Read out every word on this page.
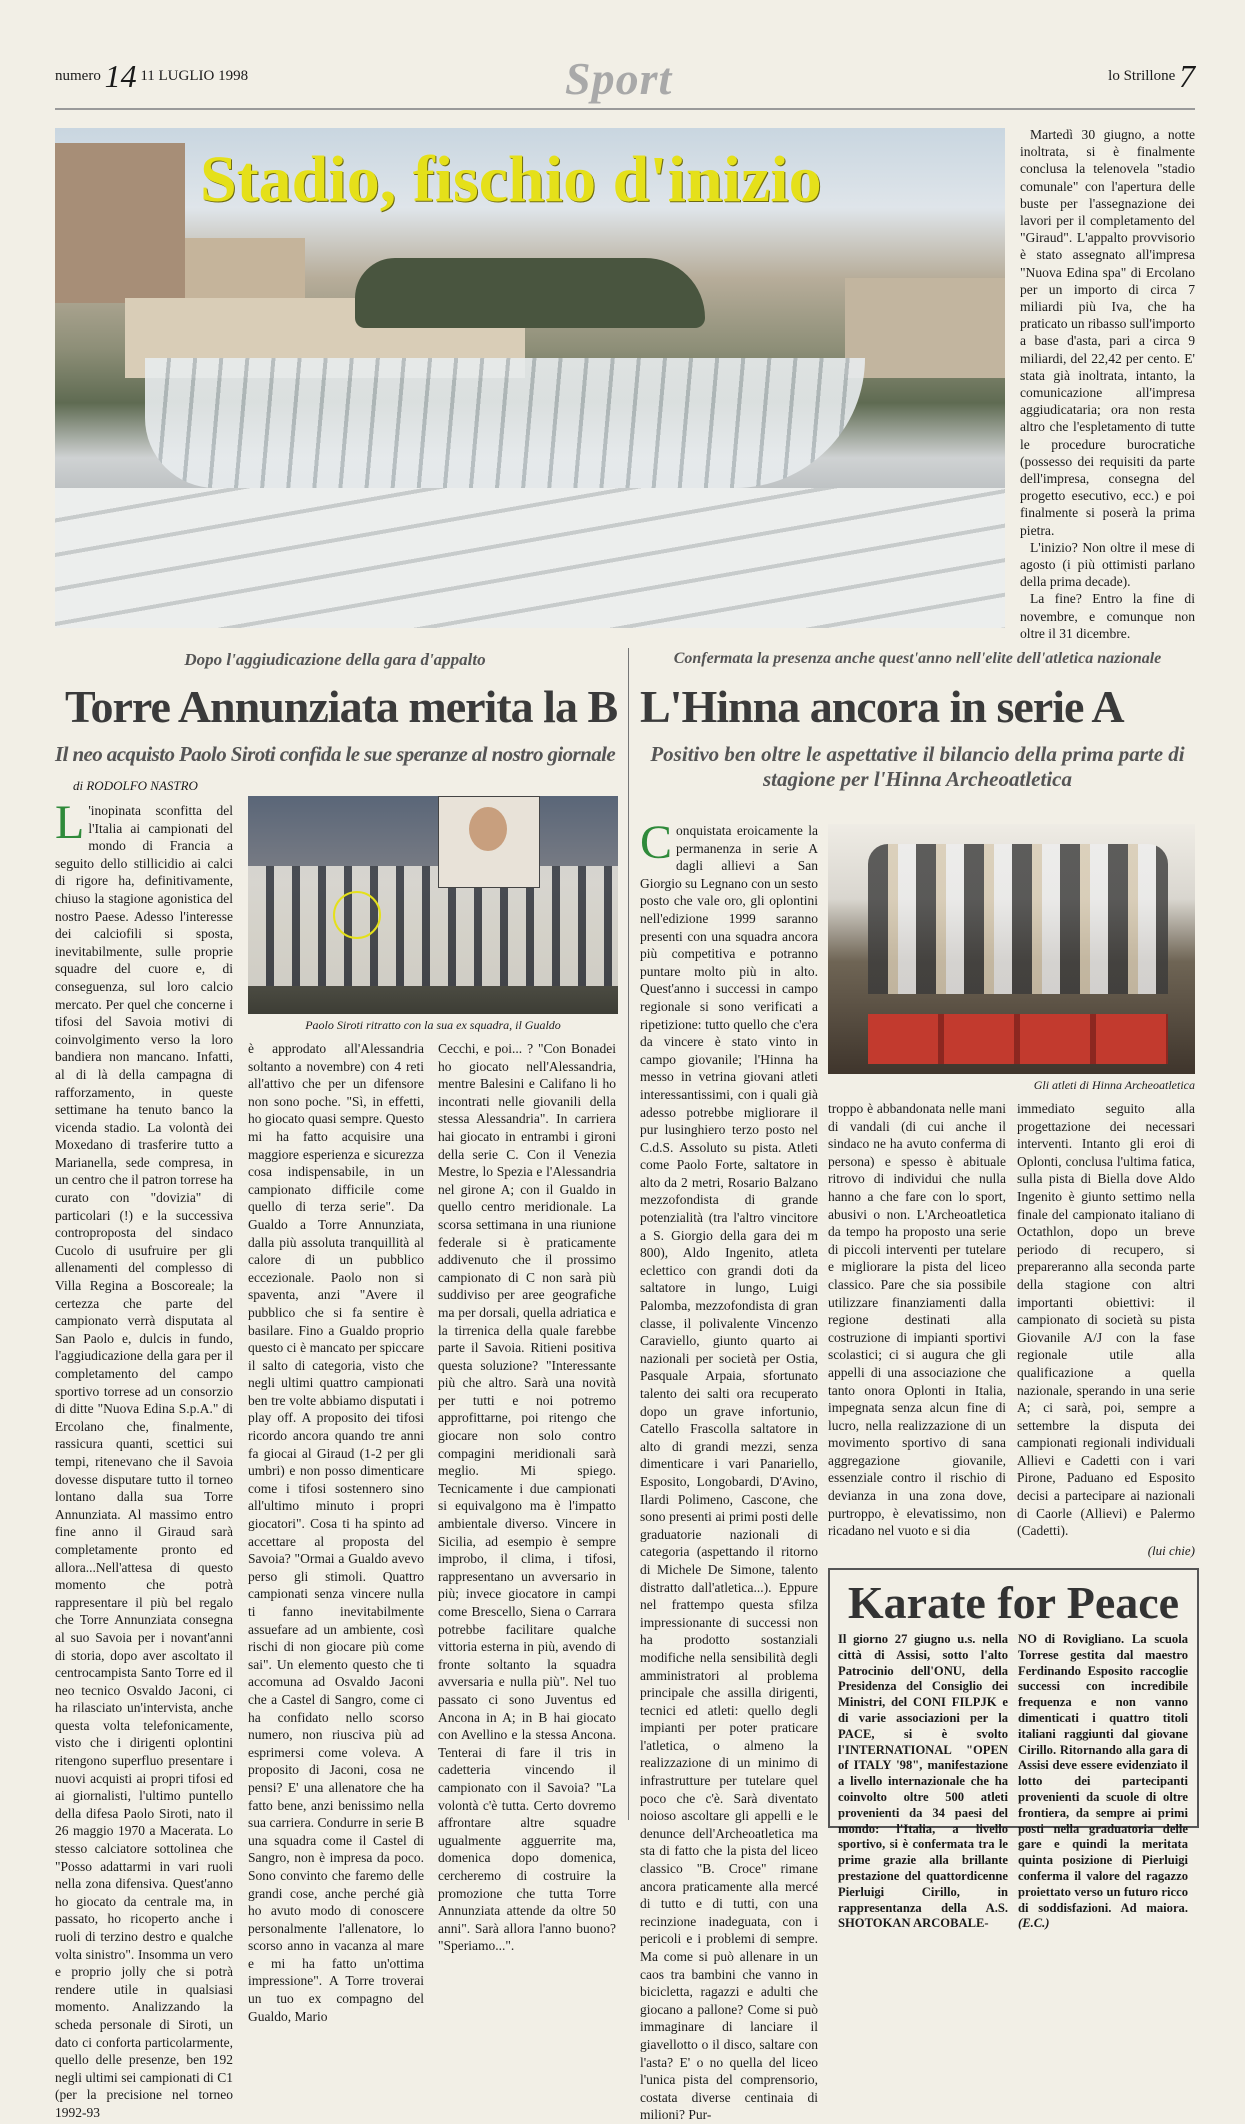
numero 14 11 LUGLIO 1998	Sport	lo Strillone 7
Stadio, fischio d'inizio

Martedì 30 giugno, a notte inoltrata, si è finalmente conclusa la telenovela "stadio comunale" con l'apertura delle buste per l'assegnazione dei lavori per il completamento del "Giraud". L'appalto provvisorio è stato assegnato all'impresa "Nuova Edina spa" di Ercolano per un importo di circa 7 miliardi più Iva, che ha praticato un ribasso sull'importo a base d'asta, pari a circa 9 miliardi, del 22,42 per cento. E' stata già inoltrata, intanto, la comunicazione all'impresa aggiudicataria; ora non resta altro che l'espletamento di tutte le procedure burocratiche (possesso dei requisiti da parte dell'impresa, consegna del progetto esecutivo, ecc.) e poi finalmente si poserà la prima pietra.

L'inizio? Non oltre il mese di agosto (i più ottimisti parlano della prima decade).

La fine? Entro la fine di novembre, e comunque non oltre il 31 dicembre.

Dopo l'aggiudicazione della gara d'appalto
Torre Annunziata merita la B
Il neo acquisto Paolo Siroti confida le sue speranze al nostro giornale
di RODOLFO NASTRO
L 'inopinata sconfitta del l'Italia ai campionati del mondo di Francia a seguito dello stillicidio ai calci di rigore ha, definitivamente, chiuso la stagione agonistica del nostro Paese. Adesso l'interesse dei calciofili si sposta, inevitabilmente, sulle proprie squadre del cuore e, di conseguenza, sul loro calcio mercato. Per quel che concerne i tifosi del Savoia motivi di coinvolgimento verso la loro bandiera non mancano. Infatti, al di là della campagna di rafforzamento, in queste settimane ha tenuto banco la vicenda stadio. La volontà dei Moxedano di trasferire tutto a Marianella, sede compresa, in un centro che il patron torrese ha curato con "dovizia" di particolari (!) e la successiva controproposta del sindaco Cucolo di usufruire per gli allenamenti del complesso di Villa Regina a Boscoreale; la certezza che parte del campionato verrà disputata al San Paolo e, dulcis in fundo, l'aggiudicazione della gara per il completamento del campo sportivo torrese ad un consorzio di ditte "Nuova Edina S.p.A." di Ercolano che, finalmente, rassicura quanti, scettici sui tempi, ritenevano che il Savoia dovesse disputare tutto il torneo lontano dalla sua Torre Annunziata. Al massimo entro fine anno il Giraud sarà completamente pronto ed allora...Nell'attesa di questo momento che potrà rappresentare il più bel regalo che Torre Annunziata consegna al suo Savoia per i novant'anni di storia, dopo aver ascoltato il centrocampista Santo Torre ed il neo tecnico Osvaldo Jaconi, ci ha rilasciato un'intervista, anche questa volta telefonicamente, visto che i dirigenti oplontini ritengono superfluo presentare i nuovi acquisti ai propri tifosi ed ai giornalisti, l'ultimo puntello della difesa Paolo Siroti, nato il 26 maggio 1970 a Macerata. Lo stesso calciatore sottolinea che "Posso adattarmi in vari ruoli nella zona difensiva. Quest'anno ho giocato da centrale ma, in passato, ho ricoperto anche i ruoli di terzino destro e qualche volta sinistro". Insomma un vero e proprio jolly che si potrà rendere utile in qualsiasi momento. Analizzando la scheda personale di Siroti, un dato ci conforta particolarmente, quello delle presenze, ben 192 negli ultimi sei campionati di C1 (per la precisione nel torneo 1992-93
Paolo Siroti ritratto con la sua ex squadra, il Gualdo
è approdato all'Alessandria soltanto a novembre) con 4 reti all'attivo che per un difensore non sono poche. "Sì, in effetti, ho giocato quasi sempre. Questo mi ha fatto acquisire una maggiore esperienza e sicurezza cosa indispensabile, in un campionato difficile come quello di terza serie". Da Gualdo a Torre Annunziata, dalla più assoluta tranquillità al calore di un pubblico eccezionale. Paolo non si spaventa, anzi "Avere il pubblico che si fa sentire è basilare. Fino a Gualdo proprio questo ci è mancato per spiccare il salto di categoria, visto che negli ultimi quattro campionati ben tre volte abbiamo disputati i play off. A proposito dei tifosi ricordo ancora quando tre anni fa giocai al Giraud (1-2 per gli umbri) e non posso dimenticare come i tifosi sostennero sino all'ultimo minuto i propri giocatori". Cosa ti ha spinto ad accettare al proposta del Savoia? "Ormai a Gualdo avevo perso gli stimoli. Quattro campionati senza vincere nulla ti fanno inevitabilmente assuefare ad un ambiente, così rischi di non giocare più come sai". Un elemento questo che ti accomuna ad Osvaldo Jaconi che a Castel di Sangro, come ci ha confidato nello scorso numero, non riusciva più ad esprimersi come voleva. A proposito di Jaconi, cosa ne pensi? E' una allenatore che ha fatto bene, anzi benissimo nella sua carriera. Condurre in serie B una squadra come il Castel di Sangro, non è impresa da poco. Sono convinto che faremo delle grandi cose, anche perché già ho avuto modo di conoscere personalmente l'allenatore, lo scorso anno in vacanza al mare e mi ha fatto un'ottima impressione". A Torre troverai un tuo ex compagno del Gualdo, Mario
Cecchi, e poi... ? "Con Bonadei ho giocato nell'Alessandria, mentre Balesini e Califano li ho incontrati nelle giovanili della stessa Alessandria". In carriera hai giocato in entrambi i gironi della serie C. Con il Venezia Mestre, lo Spezia e l'Alessandria nel girone A; con il Gualdo in quello centro meridionale. La scorsa settimana in una riunione federale si è praticamente addivenuto che il prossimo campionato di C non sarà più suddiviso per aree geografiche ma per dorsali, quella adriatica e la tirrenica della quale farebbe parte il Savoia. Ritieni positiva questa soluzione? "Interessante più che altro. Sarà una novità per tutti e noi potremo approfittarne, poi ritengo che giocare non solo contro compagini meridionali sarà meglio. Mi spiego. Tecnicamente i due campionati si equivalgono ma è l'impatto ambientale diverso. Vincere in Sicilia, ad esempio è sempre improbo, il clima, i tifosi, rappresentano un avversario in più; invece giocatore in campi come Brescello, Siena o Carrara potrebbe facilitare qualche vittoria esterna in più, avendo di fronte soltanto la squadra avversaria e nulla più". Nel tuo passato ci sono Juventus ed Ancona in A; in B hai giocato con Avellino e la stessa Ancona. Tenterai di fare il tris in cadetteria vincendo il campionato con il Savoia? "La volontà c'è tutta. Certo dovremo affrontare altre squadre ugualmente agguerrite ma, domenica dopo domenica, cercheremo di costruire la promozione che tutta Torre Annunziata attende da oltre 50 anni". Sarà allora l'anno buono? "Speriamo...".
Confermata la presenza anche quest'anno nell'elite dell'atletica nazionale
L'Hinna ancora in serie A
Positivo ben oltre le aspettative il bilancio della prima parte di stagione per l'Hinna Archeoatletica
Conquistata eroicamente la permanenza in serie A dagli allievi a San Giorgio su Legnano con un sesto posto che vale oro, gli oplontini nell'edizione 1999 saranno presenti con una squadra ancora più competitiva e potranno puntare molto più in alto. Quest'anno i successi in campo regionale si sono verificati a ripetizione: tutto quello che c'era da vincere è stato vinto in campo giovanile; l'Hinna ha messo in vetrina giovani atleti interessantissimi, con i quali già adesso potrebbe migliorare il pur lusinghiero terzo posto nel C.d.S. Assoluto su pista. Atleti come Paolo Forte, saltatore in alto da 2 metri, Rosario Balzano mezzofondista di grande potenzialità (tra l'altro vincitore a S. Giorgio della gara dei m 800), Aldo Ingenito, atleta eclettico con grandi doti da saltatore in lungo, Luigi Palomba, mezzofondista di gran classe, il polivalente Vincenzo Caraviello, giunto quarto ai nazionali per società per Ostia, Pasquale Arpaia, sfortunato talento dei salti ora recuperato dopo un grave infortunio, Catello Frascolla saltatore in alto di grandi mezzi, senza dimenticare i vari Panariello, Esposito, Longobardi, D'Avino, Ilardi Polimeno, Cascone, che sono presenti ai primi posti delle graduatorie nazionali di categoria (aspettando il ritorno di Michele De Simone, talento distratto dall'atletica...). Eppure nel frattempo questa sfilza impressionante di successi non ha prodotto sostanziali modifiche nella sensibilità degli amministratori al problema principale che assilla dirigenti, tecnici ed atleti: quello degli impianti per poter praticare l'atletica, o almeno la realizzazione di un minimo di infrastrutture per tutelare quel poco che c'è. Sarà diventato noioso ascoltare gli appelli e le denunce dell'Archeoatletica ma sta di fatto che la pista del liceo classico "B. Croce" rimane ancora praticamente alla mercé di tutto e di tutti, con una recinzione inadeguata, con i pericoli e i problemi di sempre. Ma come si può allenare in un caos tra bambini che vanno in bicicletta, ragazzi e adulti che giocano a pallone? Come si può immaginare di lanciare il giavellotto o il disco, saltare con l'asta? E' o no quella del liceo l'unica pista del comprensorio, costata diverse centinaia di milioni? Pur-
Gli atleti di Hinna Archeoatletica
troppo è abbandonata nelle mani di vandali (di cui anche il sindaco ne ha avuto conferma di persona) e spesso è abituale ritrovo di individui che nulla hanno a che fare con lo sport, abusivi o non. L'Archeoatletica da tempo ha proposto una serie di piccoli interventi per tutelare e migliorare la pista del liceo classico. Pare che sia possibile utilizzare finanziamenti dalla regione destinati alla costruzione di impianti sportivi scolastici; ci si augura che gli appelli di una associazione che tanto onora Oplonti in Italia, impegnata senza alcun fine di lucro, nella realizzazione di un movimento sportivo di sana aggregazione giovanile, essenziale contro il rischio di devianza in una zona dove, purtroppo, è elevatissimo, non ricadano nel vuoto e si dia
immediato seguito alla progettazione dei necessari interventi. Intanto gli eroi di Oplonti, conclusa l'ultima fatica, sulla pista di Biella dove Aldo Ingenito è giunto settimo nella finale del campionato italiano di Octathlon, dopo un breve periodo di recupero, si prepareranno alla seconda parte della stagione con altri importanti obiettivi: il campionato di società su pista Giovanile A/J con la fase regionale utile alla qualificazione a quella nazionale, sperando in una serie A; ci sarà, poi, sempre a settembre la disputa dei campionati regionali individuali Allievi e Cadetti con i vari Pirone, Paduano ed Esposito decisi a partecipare ai nazionali di Caorle (Allievi) e Palermo (Cadetti).
(lui chie)
Karate for Peace
Il giorno 27 giugno u.s. nella città di Assisi, sotto l'alto Patrocinio dell'ONU, della Presidenza del Consiglio dei Ministri, del CONI FILPJK e di varie associazioni per la PACE, si è svolto l'INTERNATIONAL "OPEN of ITALY '98", manifestazione a livello internazionale che ha coinvolto oltre 500 atleti provenienti da 34 paesi del mondo: l'Italia, a livello sportivo, si è confermata tra le prime grazie alla brillante prestazione del quattordicenne Pierluigi Cirillo, in rappresentanza della A.S. SHOTOKAN ARCOBALE-
NO di Rovigliano. La scuola Torrese gestita dal maestro Ferdinando Esposito raccoglie successi con incredibile frequenza e non vanno dimenticati i quattro titoli italiani raggiunti dal giovane Cirillo. Ritornando alla gara di Assisi deve essere evidenziato il lotto dei partecipanti provenienti da scuole di oltre frontiera, da sempre ai primi posti nella graduatoria delle gare e quindi la meritata quinta posizione di Pierluigi conferma il valore del ragazzo proiettato verso un futuro ricco di soddisfazioni. Ad maiora. (E.C.)
